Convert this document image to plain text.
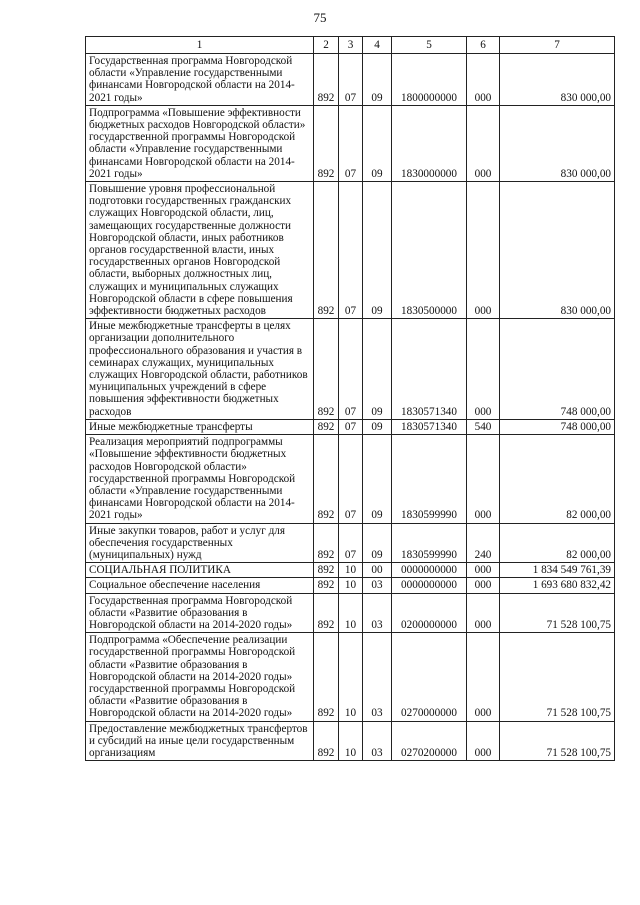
75
1	2	3	4	5	6	7
Государственная программа Новгородской области «Управление государственными финансами Новгородской области на 2014-2021 годы»	892	07	09	1800000000	000	830 000,00
Подпрограмма «Повышение эффективности бюджетных расходов Новгородской области» государственной программы Новгородской области «Управление государственными финансами Новгородской области на 2014-2021 годы»	892	07	09	1830000000	000	830 000,00
Повышение уровня профессиональной подготовки государственных гражданских служащих Новгородской области, лиц, замещающих государственные должности Новгородской области, иных работников органов государственной власти, иных государственных органов Новгородской области, выборных должностных лиц, служащих и муниципальных служащих Новгородской области в сфере повышения эффективности бюджетных расходов	892	07	09	1830500000	000	830 000,00
Иные межбюджетные трансферты в целях организации дополнительного профессионального образования и участия в семинарах служащих, муниципальных служащих Новгородской области, работников муниципальных учреждений в сфере повышения эффективности бюджетных расходов	892	07	09	1830571340	000	748 000,00
Иные межбюджетные трансферты	892	07	09	1830571340	540	748 000,00
Реализация мероприятий подпрограммы «Повышение эффективности бюджетных расходов Новгородской области» государственной программы Новгородской области «Управление государственными финансами Новгородской области на 2014-2021 годы»	892	07	09	1830599990	000	82 000,00
Иные закупки товаров, работ и услуг для обеспечения государственных (муниципальных) нужд	892	07	09	1830599990	240	82 000,00
СОЦИАЛЬНАЯ ПОЛИТИКА	892	10	00	0000000000	000	1 834 549 761,39
Социальное обеспечение населения	892	10	03	0000000000	000	1 693 680 832,42
Государственная программа Новгородской области «Развитие образования в Новгородской области на 2014-2020 годы»	892	10	03	0200000000	000	71 528 100,75
Подпрограмма «Обеспечение реализации государственной программы Новгородской области «Развитие образования в Новгородской области на 2014-2020 годы» государственной программы Новгородской области «Развитие образования в Новгородской области на 2014-2020 годы»	892	10	03	0270000000	000	71 528 100,75
Предоставление межбюджетных трансфертов и субсидий на иные цели государственным организациям	892	10	03	0270200000	000	71 528 100,75
